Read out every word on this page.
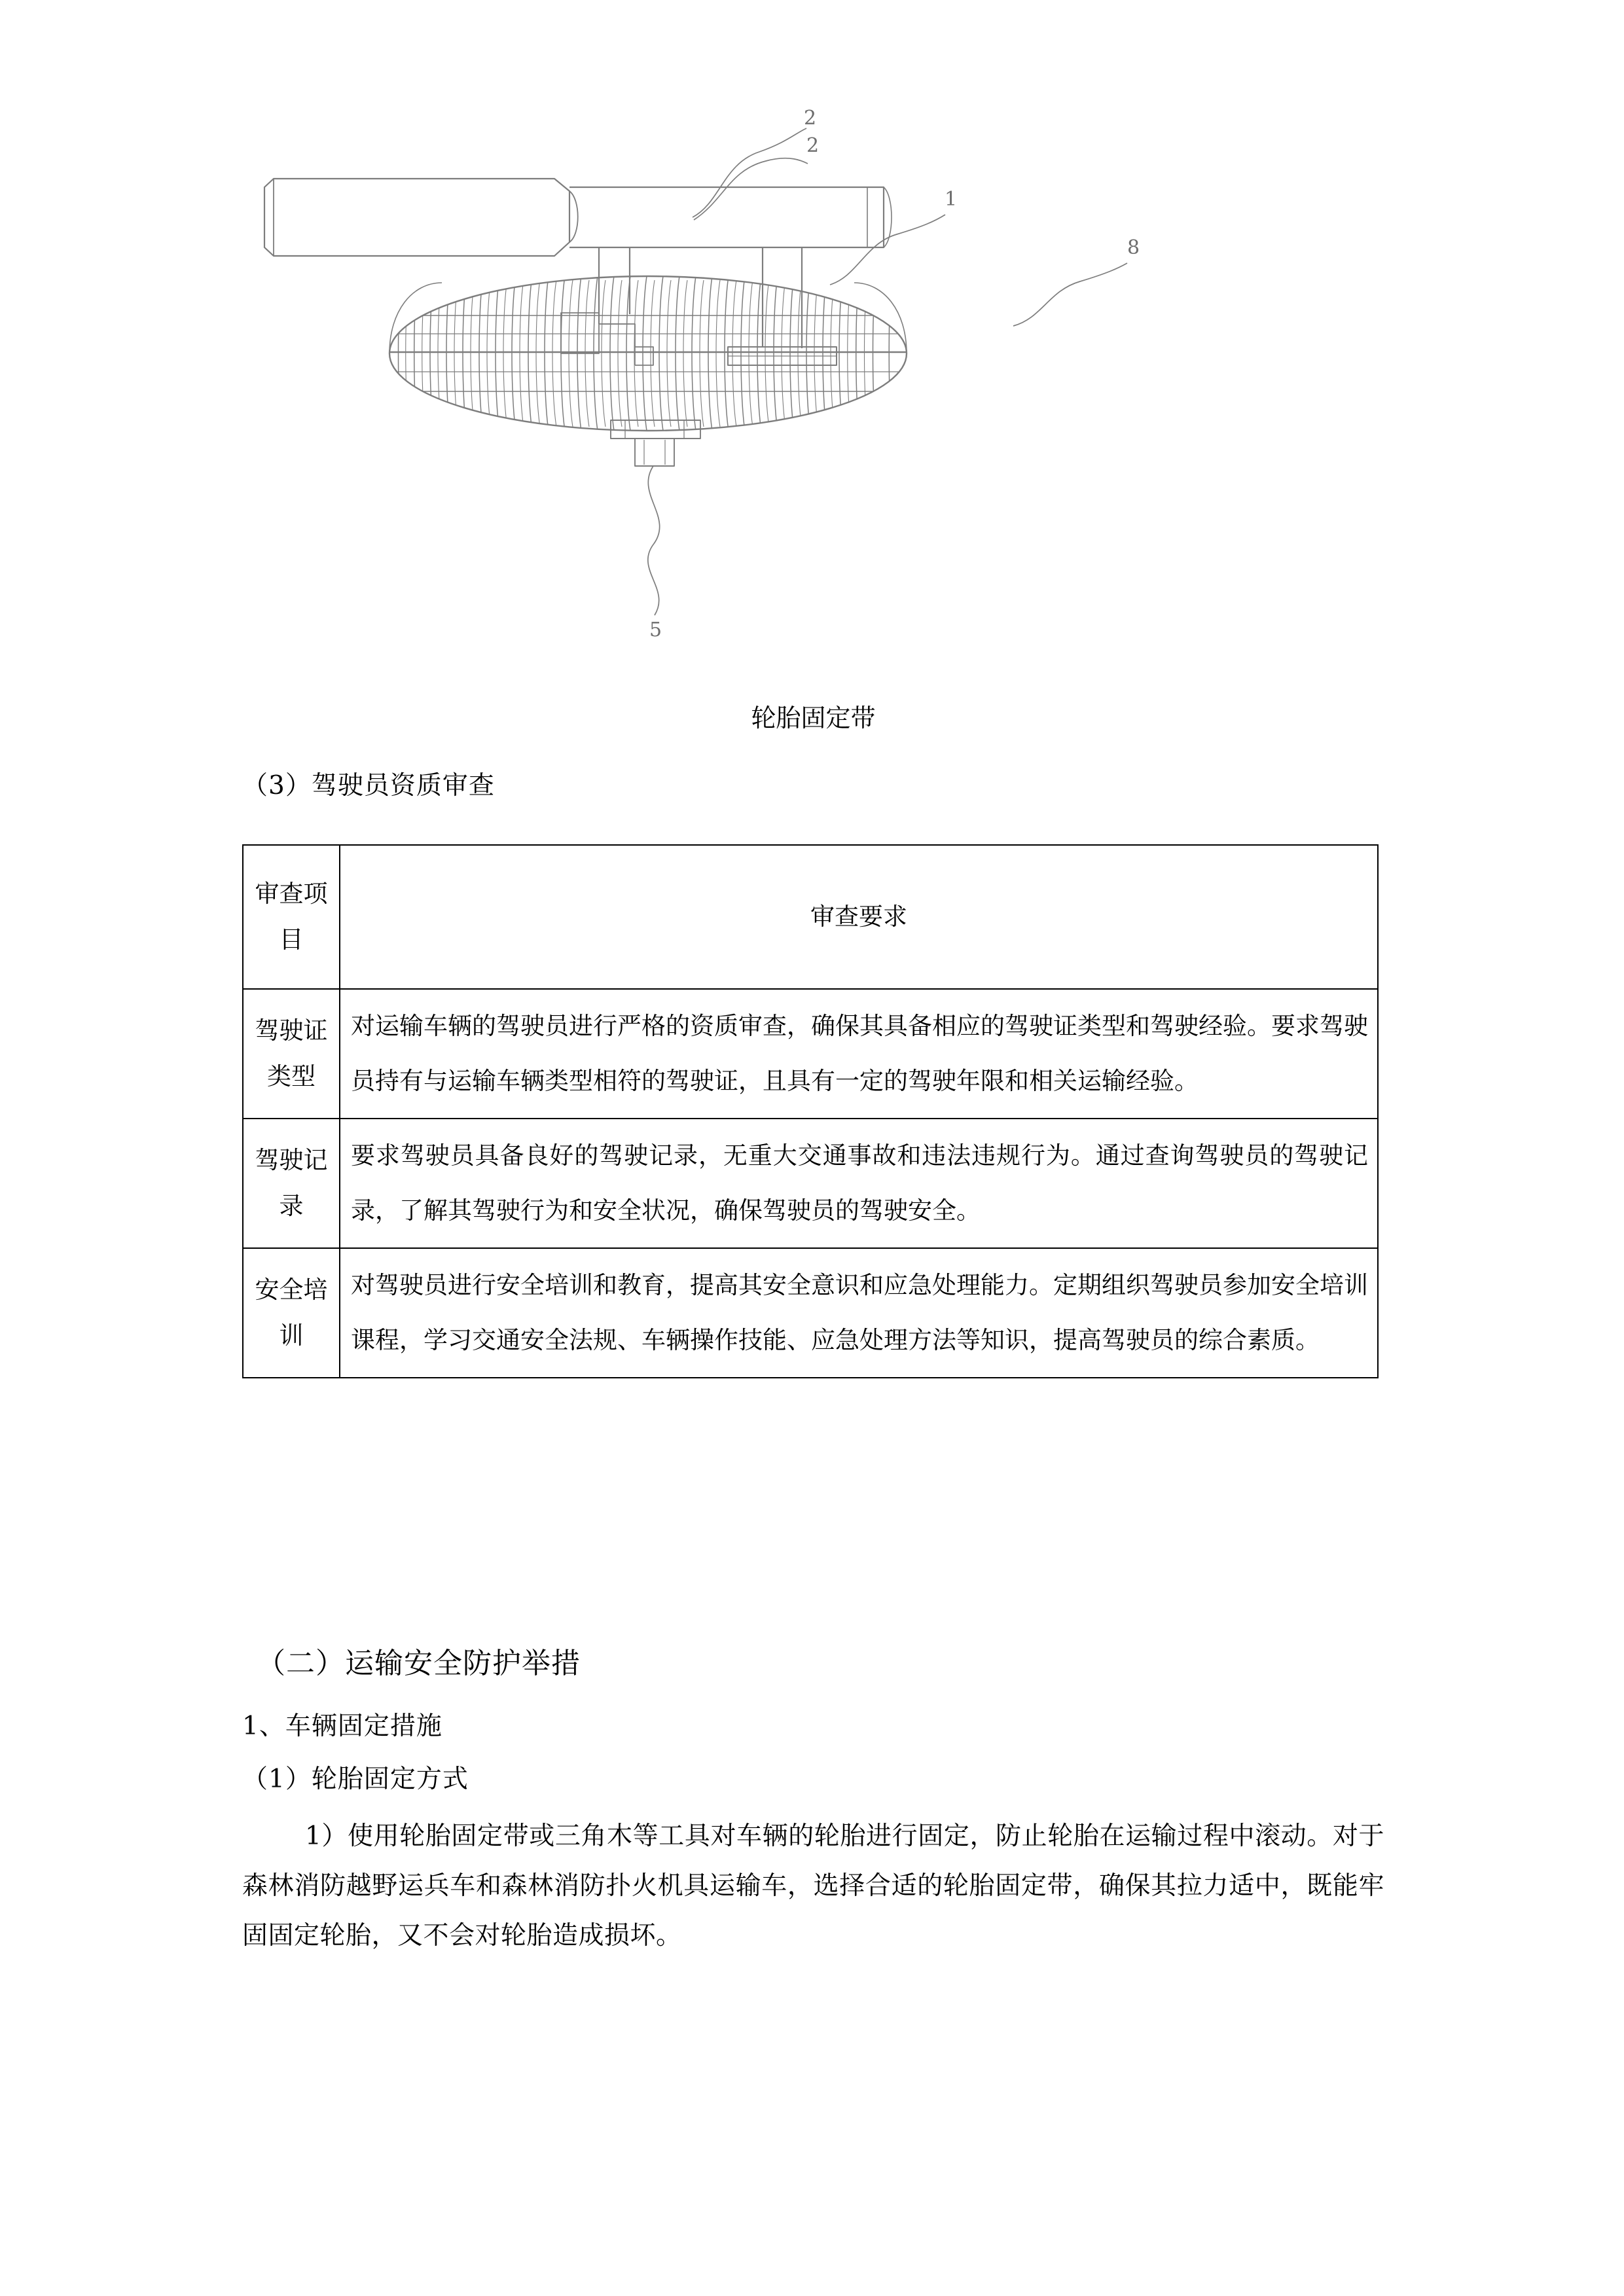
2
1
8
5
2
轮胎固定带
（3）驾驶员资质审查
审查项目	审查要求
驾驶证类型	对运输车辆的驾驶员进行严格的资质审查，确保其具备相应的驾驶证类型和驾驶经验。要求驾驶员持有与运输车辆类型相符的驾驶证，且具有一定的驾驶年限和相关运输经验。
驾驶记录	要求驾驶员具备良好的驾驶记录，无重大交通事故和违法违规行为。通过查询驾驶员的驾驶记录，了解其驾驶行为和安全状况，确保驾驶员的驾驶安全。
安全培训	对驾驶员进行安全培训和教育，提高其安全意识和应急处理能力。定期组织驾驶员参加安全培训课程，学习交通安全法规、车辆操作技能、应急处理方法等知识，提高驾驶员的综合素质。
（二）运输安全防护举措
1、车辆固定措施
（1）轮胎固定方式
1）使用轮胎固定带或三角木等工具对车辆的轮胎进行固定，防止轮胎在运输过程中滚动。对于森林消防越野运兵车和森林消防扑火机具运输车，选择合适的轮胎固定带，确保其拉力适中，既能牢固固定轮胎，又不会对轮胎造成损坏。
